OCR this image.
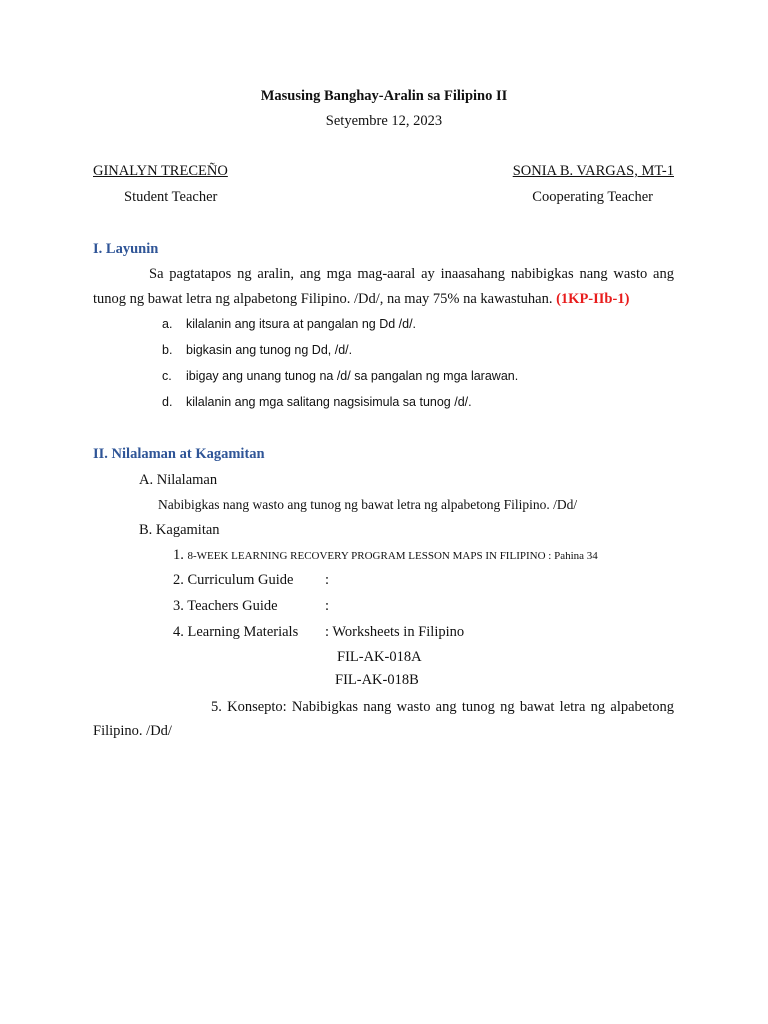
Masusing Banghay-Aralin sa Filipino II
Setyembre 12, 2023
GINALYN TRECEÑO
Student Teacher
SONIA B. VARGAS, MT-1
Cooperating Teacher
I. Layunin
Sa pagtatapos ng aralin, ang mga mag-aaral ay inaasahang nabibigkas nang wasto ang
tunog ng bawat letra ng alpabetong Filipino. /Dd/, na may 75% na kawastuhan. (1KP-IIb-1)
a. kilalanin ang itsura at pangalan ng Dd /d/.
b. bigkasin ang tunog ng Dd, /d/.
c. ibigay ang unang tunog na /d/ sa pangalan ng mga larawan.
d. kilalanin ang mga salitang nagsisimula sa tunog /d/.
II. Nilalaman at Kagamitan
A. Nilalaman
Nabibigkas nang wasto ang tunog ng bawat letra ng alpabetong Filipino. /Dd/
B. Kagamitan
1. 8-WEEK LEARNING RECOVERY PROGRAM LESSON MAPS IN FILIPINO : Pahina 34
2. Curriculum Guide :
3. Teachers Guide	:
4. Learning Materials : Worksheets in Filipino
FIL-AK-018A
FIL-AK-018B
5. Konsepto: Nabibigkas nang wasto ang tunog ng bawat letra ng alpabetong
Filipino. /Dd/
